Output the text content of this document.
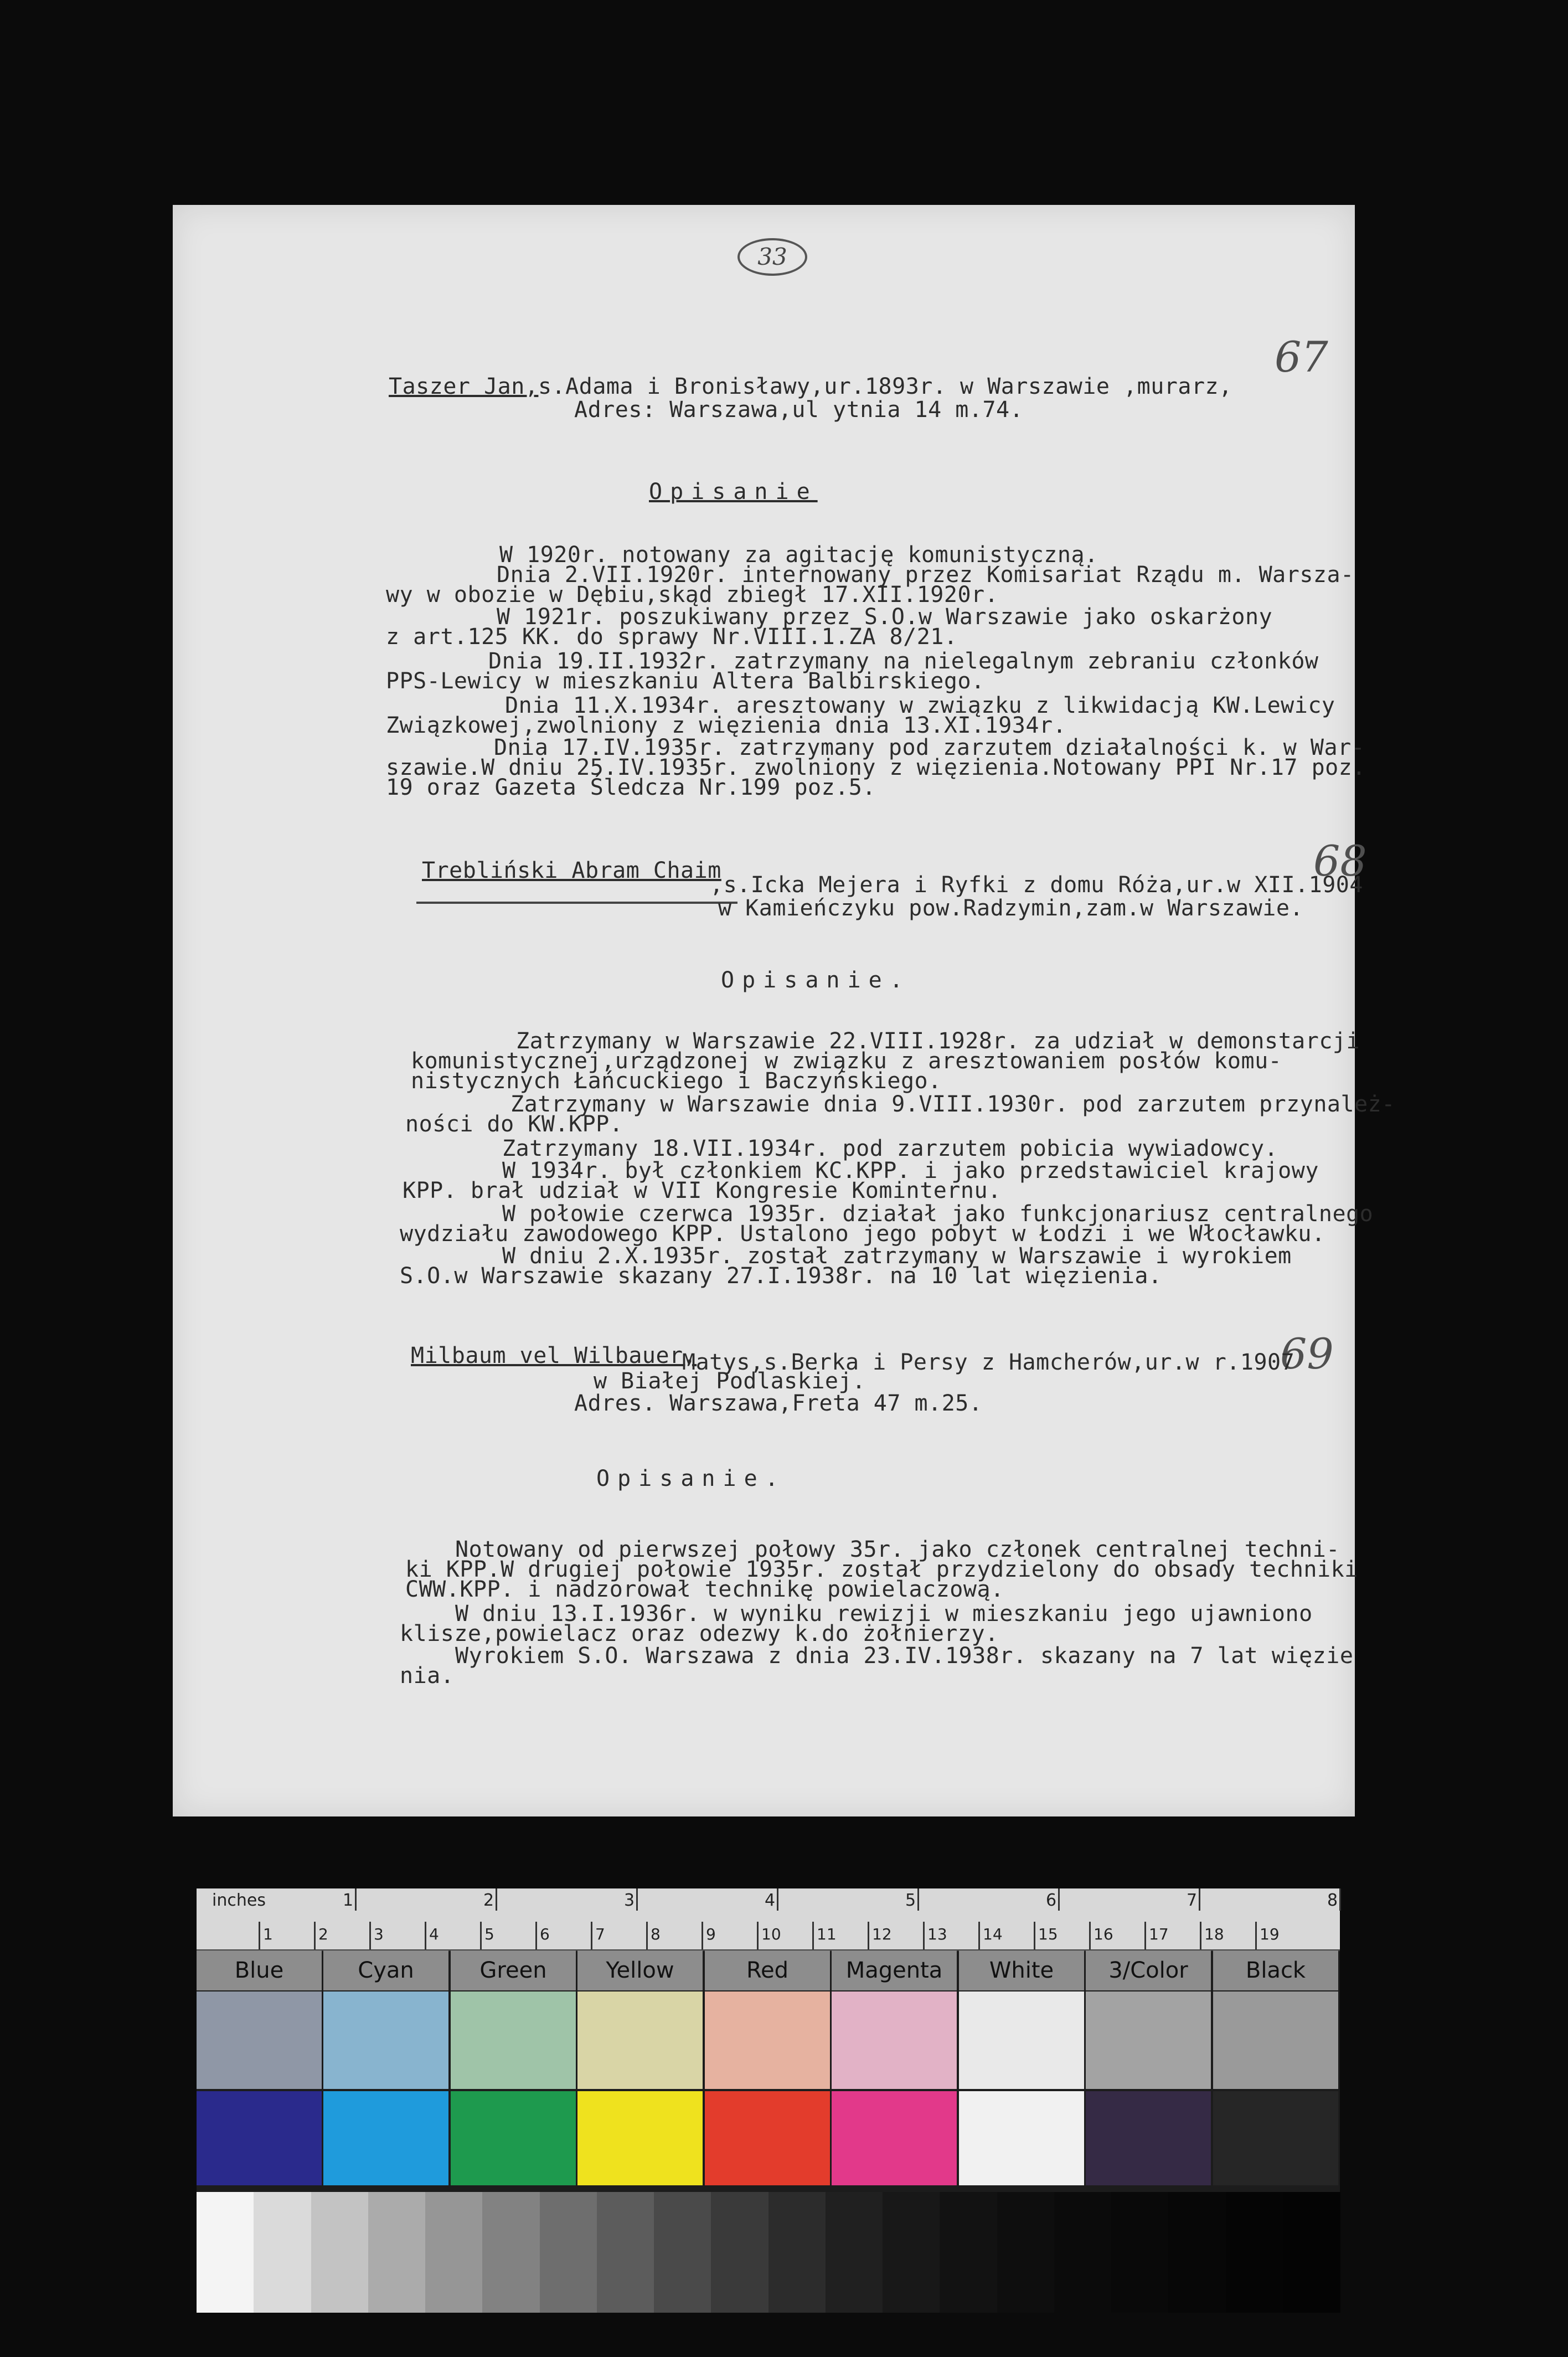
33
67
Taszer Jan, s.Adama i Bronisławy,ur.1893r. w Warszawie ,murarz,
Adres: Warszawa,ul ytnia 14 m.74.
Opisanie
W 1920r. notowany za agitację komunistyczną.
Dnia 2.VII.1920r. internowany przez Komisariat Rządu m. Warsza-
wy w obozie w Dębiu,skąd zbiegł 17.XII.1920r.
W 1921r. poszukiwany przez S.O.w Warszawie jako oskarżony
z art.125 KK. do sprawy Nr.VIII.1.ZA 8/21.
Dnia 19.II.1932r. zatrzymany na nielegalnym zebraniu członków
PPS-Lewicy w mieszkaniu Altera Balbirskiego.
Dnia 11.X.1934r. aresztowany w związku z likwidacją KW.Lewicy
Związkowej,zwolniony z więzienia dnia 13.XI.1934r.
Dnia 17.IV.1935r. zatrzymany pod zarzutem działalności k. w War-
szawie.W dniu 25.IV.1935r. zwolniony z więzienia.Notowany PPI Nr.17 poz.
19 oraz Gazeta Śledcza Nr.199 poz.5.
68
Trebliński Abram Chaim
,s.Icka Mejera i Ryfki z domu Róża,ur.w XII.1904
w Kamieńczyku pow.Radzymin,zam.w Warszawie.
Opisanie.
Zatrzymany w Warszawie 22.VIII.1928r. za udział w demonstarcji
komunistycznej,urządzonej w związku z aresztowaniem posłów komu-
nistycznych Łańcuckiego i Baczyńskiego.
Zatrzymany w Warszawie dnia 9.VIII.1930r. pod zarzutem przynależ-
ności do KW.KPP.
Zatrzymany 18.VII.1934r. pod zarzutem pobicia wywiadowcy.
W 1934r. był członkiem KC.KPP. i jako przedstawiciel krajowy
KPP. brał udział w VII Kongresie Kominternu.
W połowie czerwca 1935r. działał jako funkcjonariusz centralnego
wydziału zawodowego KPP. Ustalono jego pobyt w Łodzi i we Włocławku.
W dniu 2.X.1935r. został zatrzymany w Warszawie i wyrokiem
S.O.w Warszawie skazany 27.I.1938r. na 10 lat więzienia.
69
Milbaum vel Wilbauer,
Matys,s.Berka i Persy z Hamcherów,ur.w r.1907
w Białej Podlaskiej.
Adres. Warszawa,Freta 47 m.25.
Opisanie.
Notowany od pierwszej połowy 35r. jako członek centralnej techni-
ki KPP.W drugiej połowie 1935r. został przydzielony do obsady techniki
CWW.KPP. i nadzorował technikę powielaczową.
W dniu 13.I.1936r. w wyniku rewizji w mieszkaniu jego ujawniono
klisze,powielacz oraz odezwy k.do żołnierzy.
Wyrokiem S.O. Warszawa z dnia 23.IV.1938r. skazany na 7 lat więzie
nia.
inches	1	2	3	4	5	6	7	8
1	2	3	4	5	6	7	8	9	10 11 12 13 14 15 16 17 18 19
Blue	Cyan	Green	Yellow	Red	Magenta	White	3/Color	Black
